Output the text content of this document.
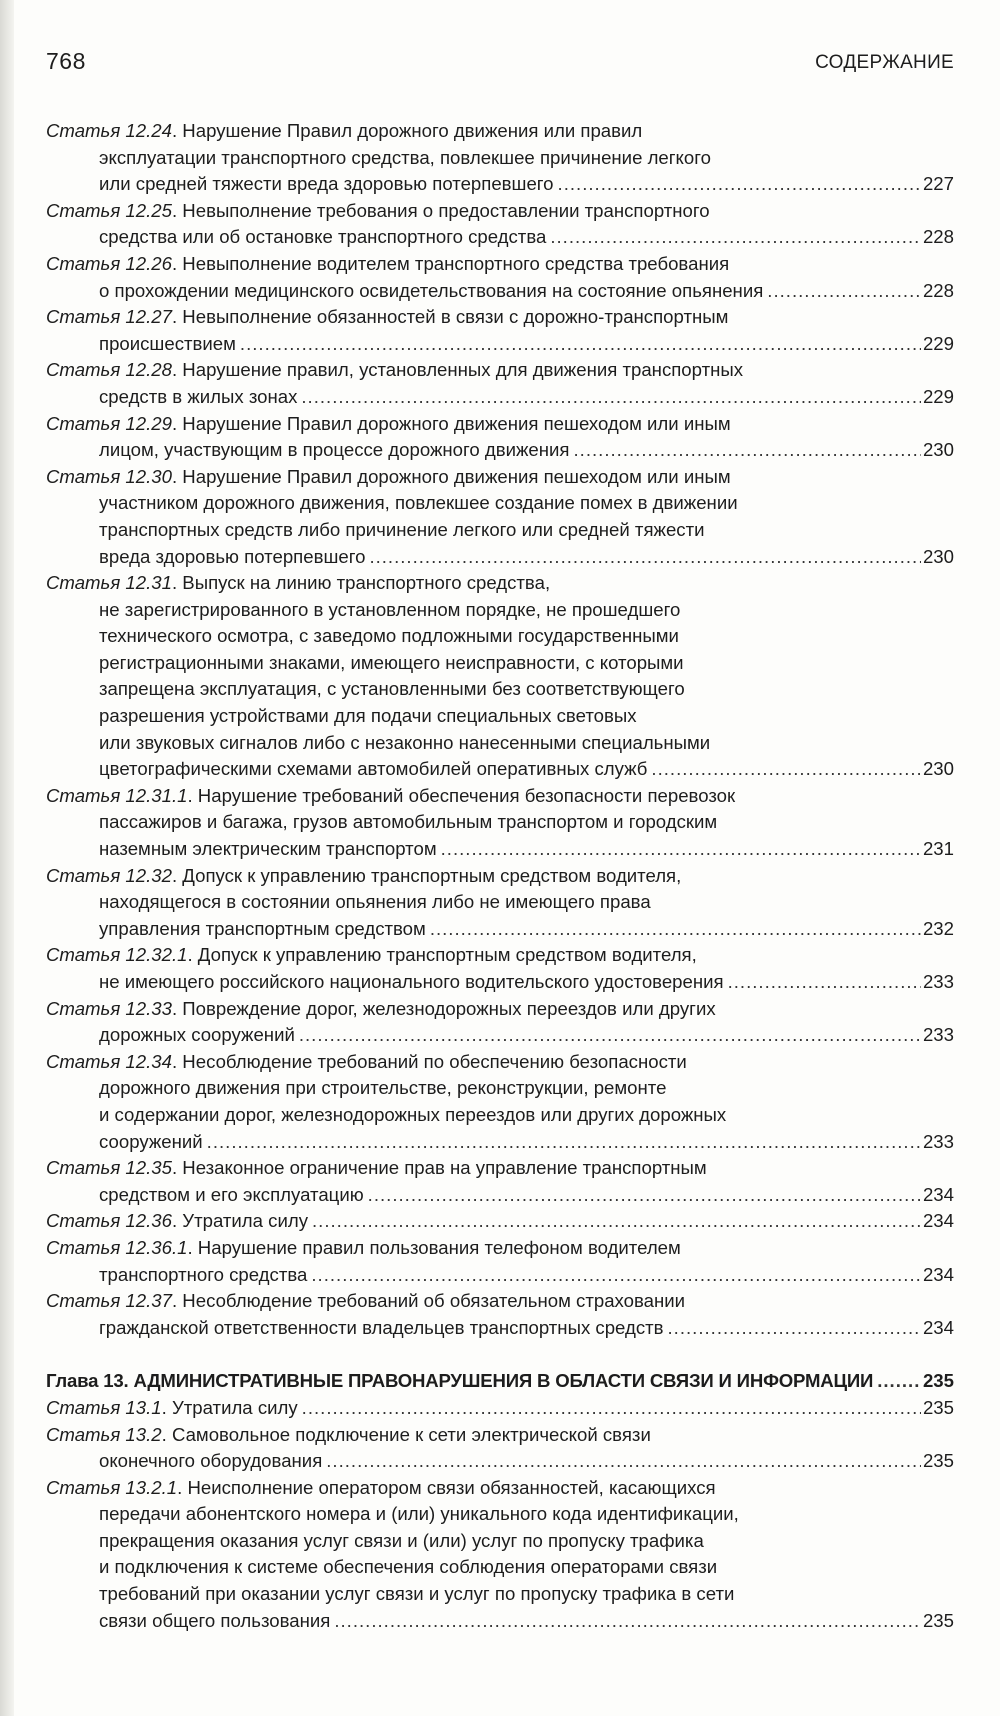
768	СОДЕРЖАНИЕ
Статья 12.24. Нарушение Правил дорожного движения или правил
эксплуатации транспортного средства, повлекшее причинение легкого
или средней тяжести вреда здоровью потерпевшего .....	227
Статья 12.25. Невыполнение требования о предоставлении транспортного
средства или об остановке транспортного средства .....	228
Статья 12.26. Невыполнение водителем транспортного средства требования
о прохождении медицинского освидетельствования на состояние опьянения .....	228
Статья 12.27. Невыполнение обязанностей в связи с дорожно-транспортным
происшествием .....	229
Статья 12.28. Нарушение правил, установленных для движения транспортных
средств в жилых зонах .....	229
Статья 12.29. Нарушение Правил дорожного движения пешеходом или иным
лицом, участвующим в процессе дорожного движения .....	230
Статья 12.30. Нарушение Правил дорожного движения пешеходом или иным
участником дорожного движения, повлекшее создание помех в движении
транспортных средств либо причинение легкого или средней тяжести
вреда здоровью потерпевшего .....	230
Статья 12.31. Выпуск на линию транспортного средства,
не зарегистрированного в установленном порядке, не прошедшего
технического осмотра, с заведомо подложными государственными
регистрационными знаками, имеющего неисправности, с которыми
запрещена эксплуатация, с установленными без соответствующего
разрешения устройствами для подачи специальных световых
или звуковых сигналов либо с незаконно нанесенными специальными
цветографическими схемами автомобилей оперативных служб .....	230
Статья 12.31.1. Нарушение требований обеспечения безопасности перевозок
пассажиров и багажа, грузов автомобильным транспортом и городским
наземным электрическим транспортом .....	231
Статья 12.32. Допуск к управлению транспортным средством водителя,
находящегося в состоянии опьянения либо не имеющего права
управления транспортным средством .....	232
Статья 12.32.1. Допуск к управлению транспортным средством водителя,
не имеющего российского национального водительского удостоверения .....	233
Статья 12.33. Повреждение дорог, железнодорожных переездов или других
дорожных сооружений .....	233
Статья 12.34. Несоблюдение требований по обеспечению безопасности
дорожного движения при строительстве, реконструкции, ремонте
и содержании дорог, железнодорожных переездов или других дорожных
сооружений .....	233
Статья 12.35. Незаконное ограничение прав на управление транспортным
средством и его эксплуатацию .....	234
Статья 12.36. Утратила силу .....	234
Статья 12.36.1. Нарушение правил пользования телефоном водителем
транспортного средства .....	234
Статья 12.37. Несоблюдение требований об обязательном страховании
гражданской ответственности владельцев транспортных средств .....	234
Глава 13. АДМИНИСТРАТИВНЫЕ ПРАВОНАРУШЕНИЯ В ОБЛАСТИ СВЯЗИ И ИНФОРМАЦИИ .....	235
Статья 13.1. Утратила силу .....	235
Статья 13.2. Самовольное подключение к сети электрической связи
оконечного оборудования .....	235
Статья 13.2.1. Неисполнение оператором связи обязанностей, касающихся
передачи абонентского номера и (или) уникального кода идентификации,
прекращения оказания услуг связи и (или) услуг по пропуску трафика
и подключения к системе обеспечения соблюдения операторами связи
требований при оказании услуг связи и услуг по пропуску трафика в сети
связи общего пользования .....	235
